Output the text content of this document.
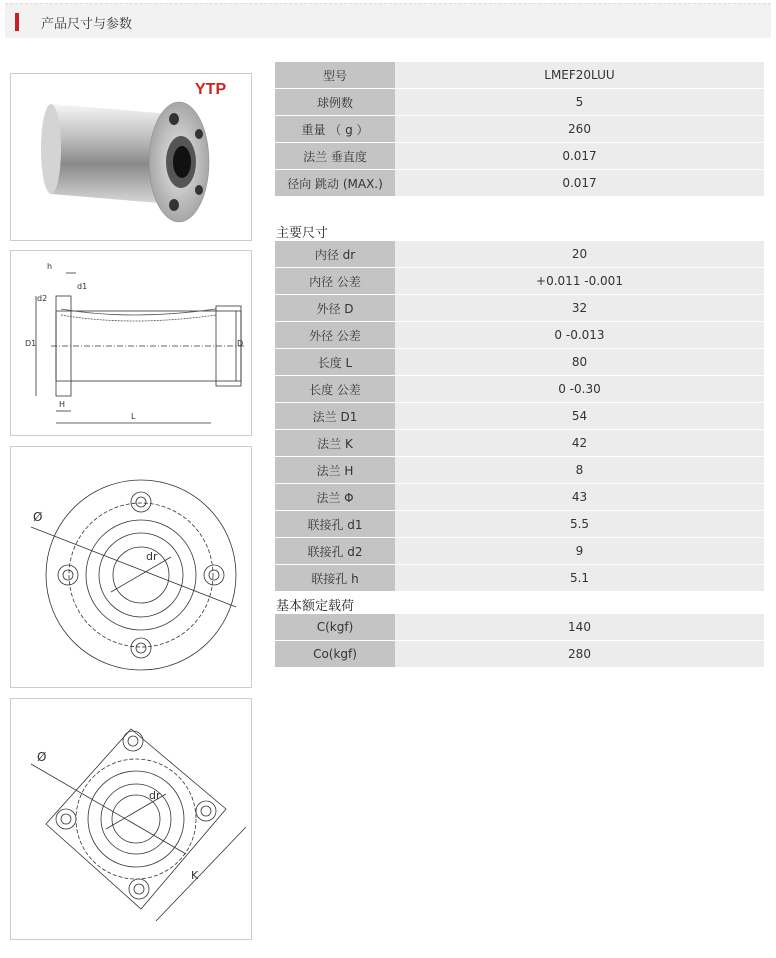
产品尺寸与参数
YTP
h
d1
d2
D1	D
H
L
Ø
dr
Ø
dr
K
型号	LMEF20LUU
球例数	5
重量 （ g ）	260
法兰 垂直度	0.017
径向 跳动 (MAX.)	0.017
主要尺寸
内径 dr	20
内径 公差	+0.011 -0.001
外径 D	32
外径 公差	0 -0.013
长度 L	80
长度 公差	0 -0.30
法兰 D1	54
法兰 K	42
法兰 H	8
法兰 Φ	43
联接孔 d1	5.5
联接孔 d2	9
联接孔 h	5.1
基本额定载荷
C(kgf)	140
Co(kgf)	280
